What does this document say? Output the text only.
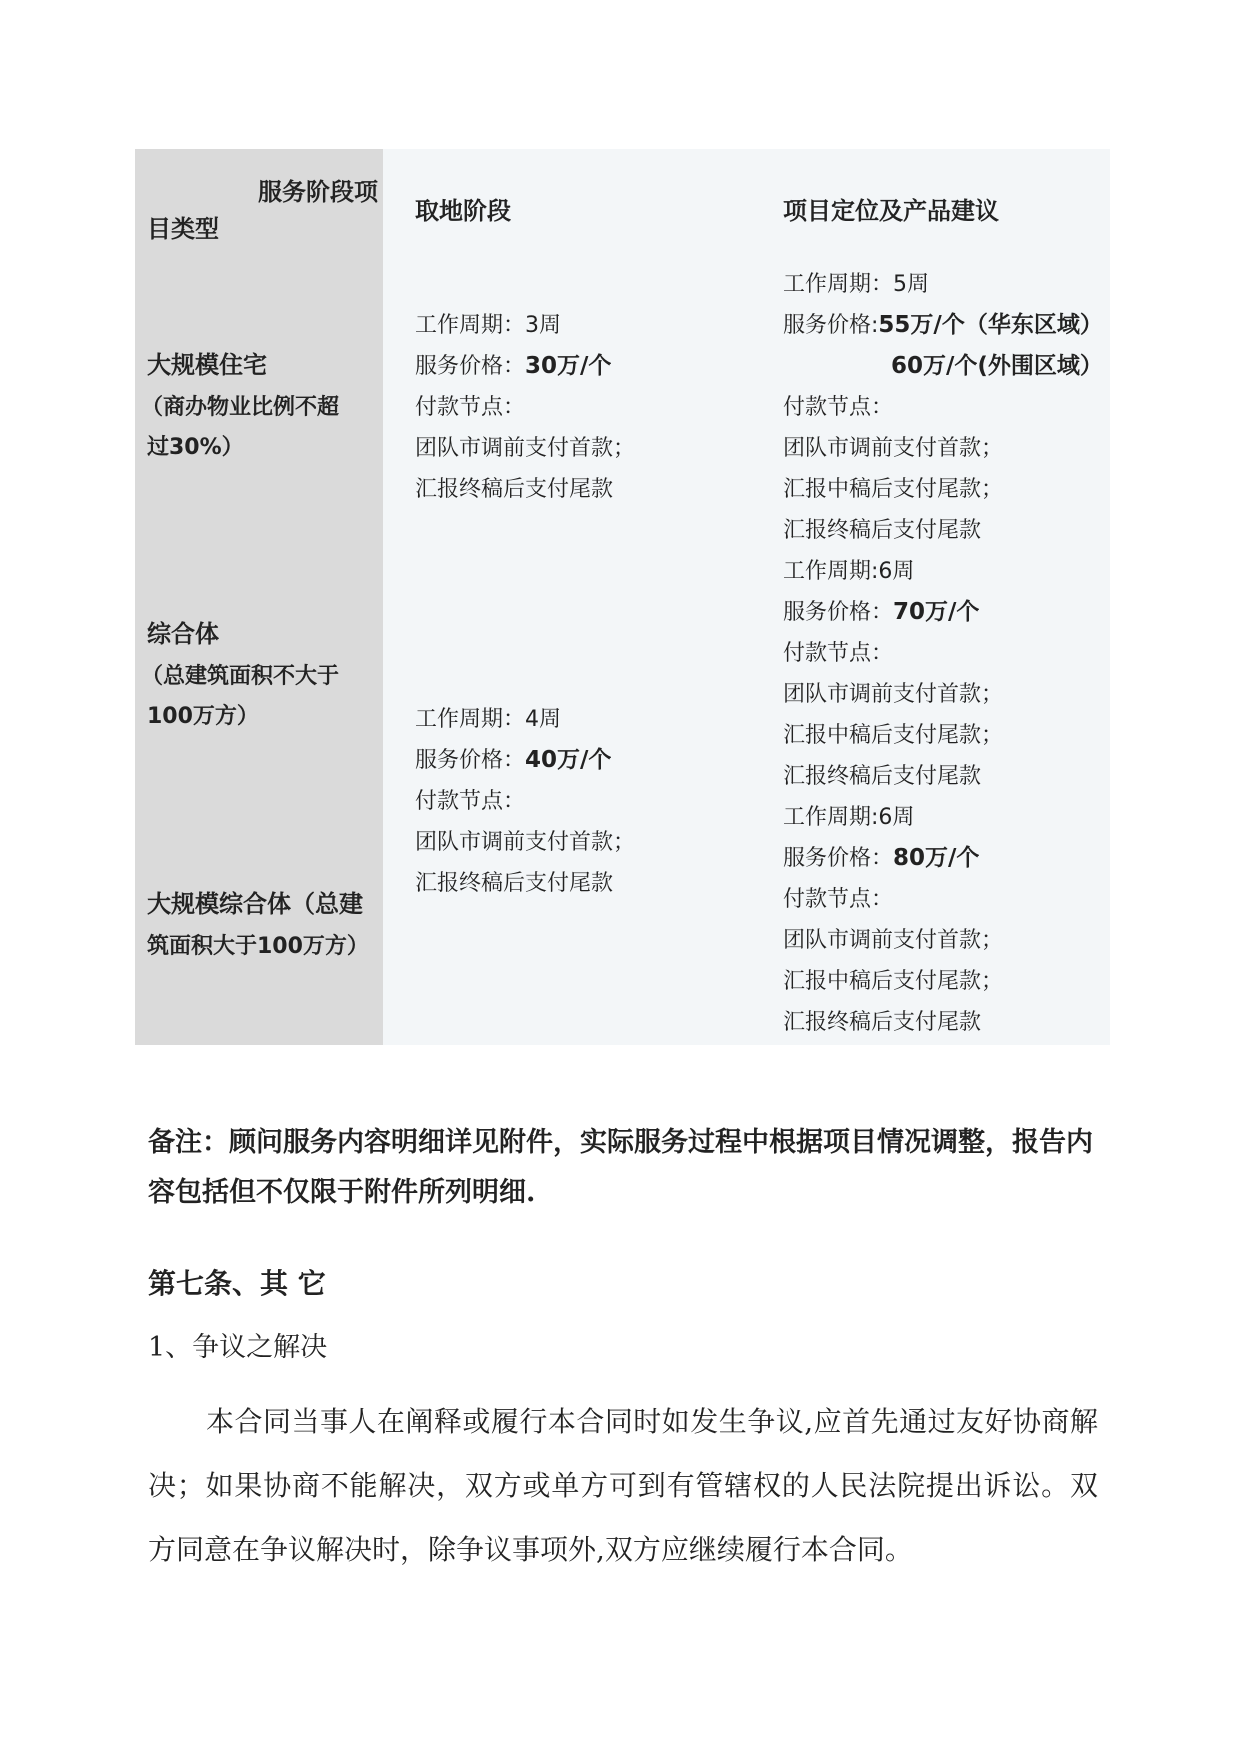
服务阶段项
目类型
取地阶段	项目定位及产品建议
大规模住宅
（商办物业比例不超
过30%）
综合体
（总建筑面积不大于
100万方）
大规模综合体（总建
筑面积大于100万方）
工作周期：3周
服务价格：30万/个
付款节点：
团队市调前支付首款；
汇报终稿后支付尾款
工作周期：4周
服务价格：40万/个
付款节点：
团队市调前支付首款；
汇报终稿后支付尾款
工作周期：5周
服务价格:55万/个（华东区域）
60万/个(外围区域）
付款节点：
团队市调前支付首款；
汇报中稿后支付尾款；
汇报终稿后支付尾款
工作周期:6周
服务价格：70万/个
付款节点：
团队市调前支付首款；
汇报中稿后支付尾款；
汇报终稿后支付尾款
工作周期:6周
服务价格：80万/个
付款节点：
团队市调前支付首款；
汇报中稿后支付尾款；
汇报终稿后支付尾款
备注：顾问服务内容明细详见附件，实际服务过程中根据项目情况调整，报告内容包括但不仅限于附件所列明细.
第七条、其 它
1、争议之解决
本合同当事人在阐释或履行本合同时如发生争议,应首先通过友好协商解决；如果协商不能解决，双方或单方可到有管辖权的人民法院提出诉讼。双方同意在争议解决时，除争议事项外,双方应继续履行本合同。
